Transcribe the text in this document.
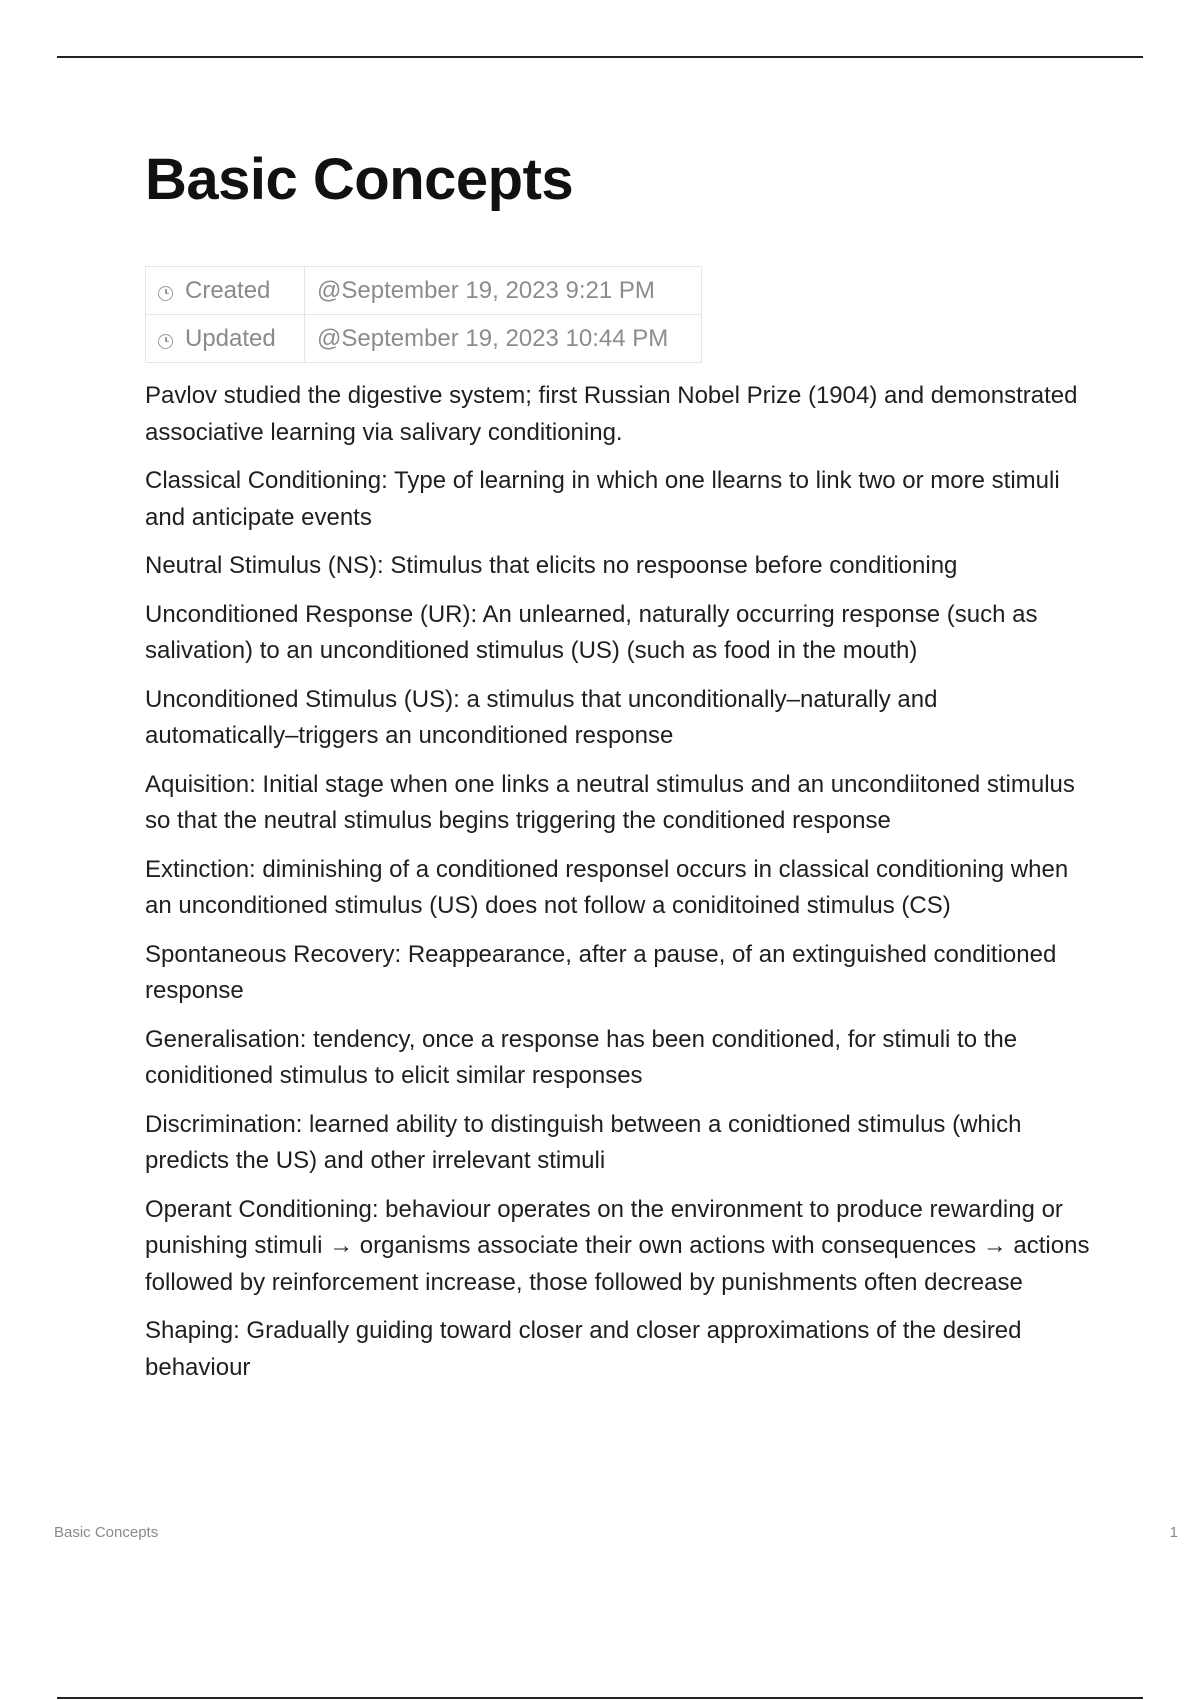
Basic Concepts
Created	@September 19, 2023 9:21 PM
Updated	@September 19, 2023 10:44 PM

Pavlov studied the digestive system; first Russian Nobel Prize (1904) and demonstrated associative learning via salivary conditioning.

Classical Conditioning: Type of learning in which one llearns to link two or more stimuli and anticipate events

Neutral Stimulus (NS): Stimulus that elicits no respoonse before conditioning

Unconditioned Response (UR): An unlearned, naturally occurring response (such as salivation) to an unconditioned stimulus (US) (such as food in the mouth)

Unconditioned Stimulus (US): a stimulus that unconditionally–naturally and automatically–triggers an unconditioned response

Aquisition: Initial stage when one links a neutral stimulus and an uncondiitoned stimulus so that the neutral stimulus begins triggering the conditioned response

Extinction: diminishing of a conditioned responsel occurs in classical conditioning when an unconditioned stimulus (US) does not follow a coniditoined stimulus (CS)

Spontaneous Recovery: Reappearance, after a pause, of an extinguished conditioned response

Generalisation: tendency, once a response has been conditioned, for stimuli to the coniditioned stimulus to elicit similar responses

Discrimination: learned ability to distinguish between a conidtioned stimulus (which predicts the US) and other irrelevant stimuli

Operant Conditioning: behaviour operates on the environment to produce rewarding or punishing stimuli → organisms associate their own actions with consequences → actions followed by reinforcement increase, those followed by punishments often decrease

Shaping: Gradually guiding toward closer and closer approximations of the desired behaviour

Basic Concepts	1
